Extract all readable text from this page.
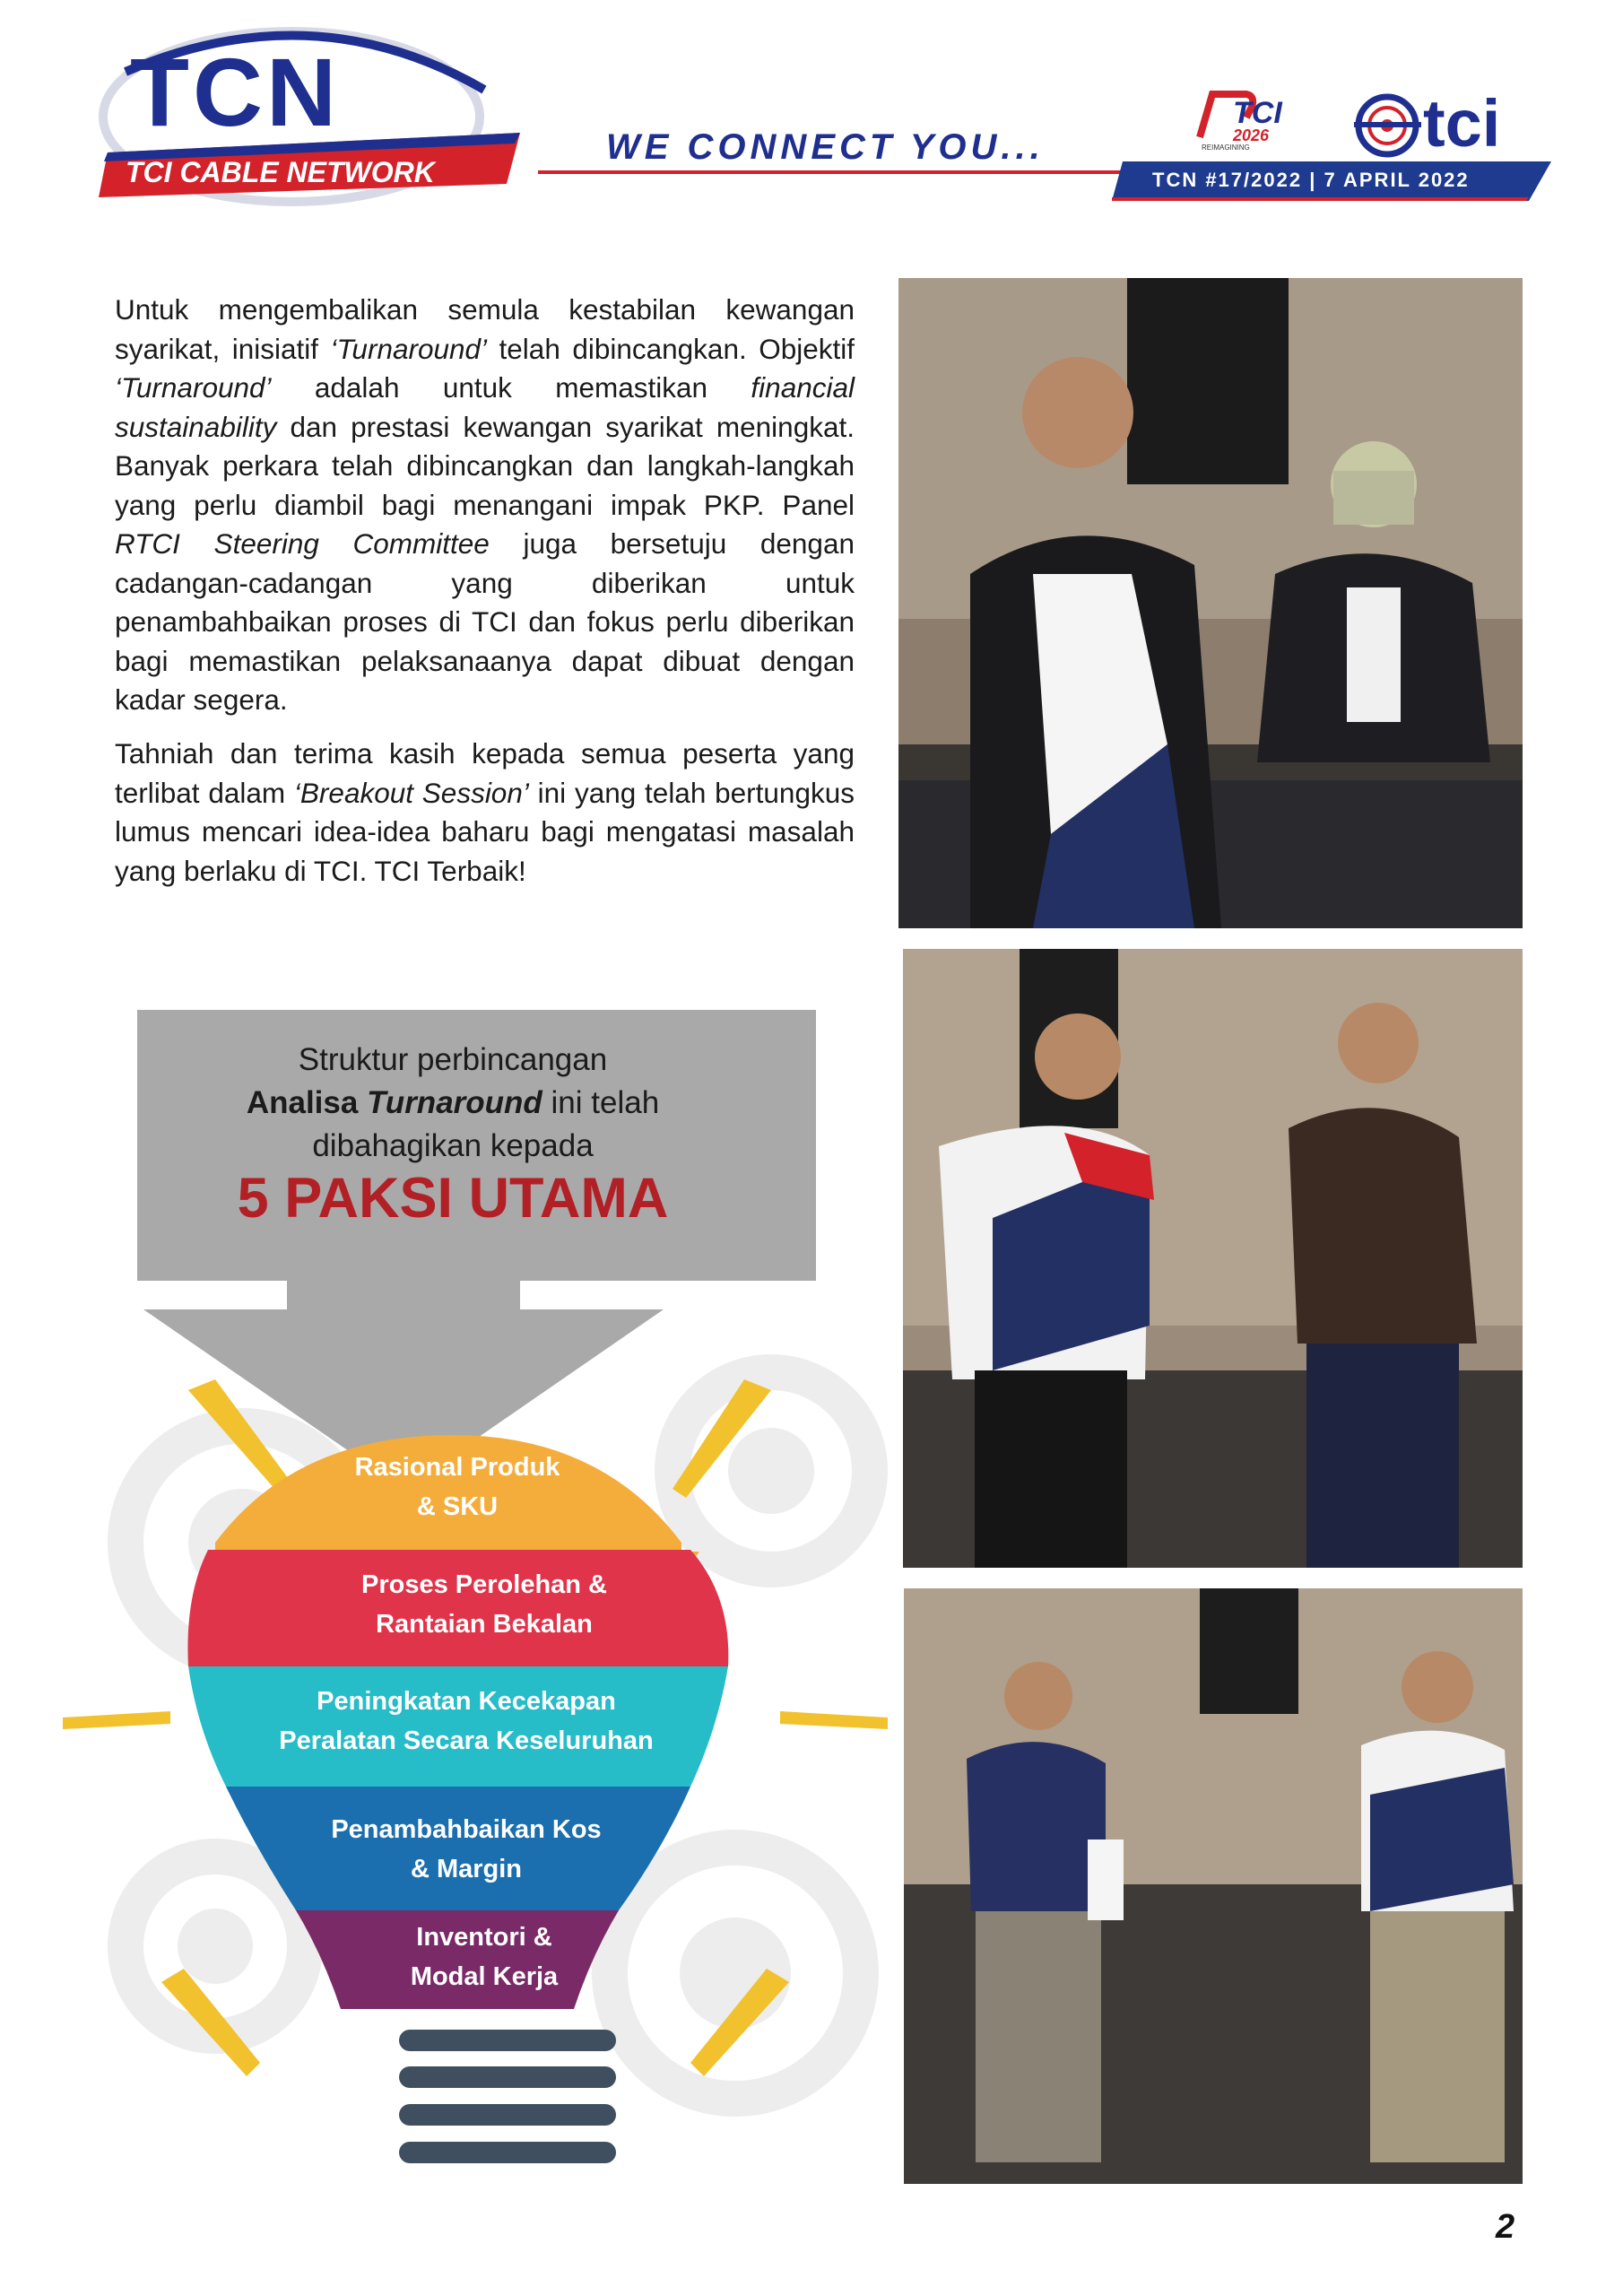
TCN
TCI CABLE NETWORK
WE CONNECT YOU...
TCI
2026
REIMAGINING	tci
TCN #17/2022 | 7 APRIL 2022

Untuk mengembalikan semula kestabilan kewangan syarikat, inisiatif ‘Turnaround’ telah dibincangkan. Objektif ‘Turnaround’ adalah untuk memastikan financial sustainability dan prestasi kewangan syarikat meningkat. Banyak perkara telah dibincangkan dan langkah-langkah yang perlu diambil bagi menangani impak PKP. Panel RTCI Steering Committee juga bersetuju dengan cadangan-cadangan yang diberikan untuk penambahbaikan proses di TCI dan fokus perlu diberikan bagi memastikan pelaksanaanya dapat dibuat dengan kadar segera.

Tahniah dan terima kasih kepada semua peserta yang terlibat dalam ‘Breakout Session’ ini yang telah bertungkus lumus mencari idea-idea baharu bagi mengatasi masalah yang berlaku di TCI. TCI Terbaik!

Struktur perbincangan
Analisa Turnaround ini telah
dibahagikan kepada
5 PAKSI UTAMA
Rasional Produk
& SKU
Proses Perolehan &
Rantaian Bekalan
Peningkatan Kecekapan
Peralatan Secara Keseluruhan
Penambahbaikan Kos
& Margin
Inventori &
Modal Kerja
2
